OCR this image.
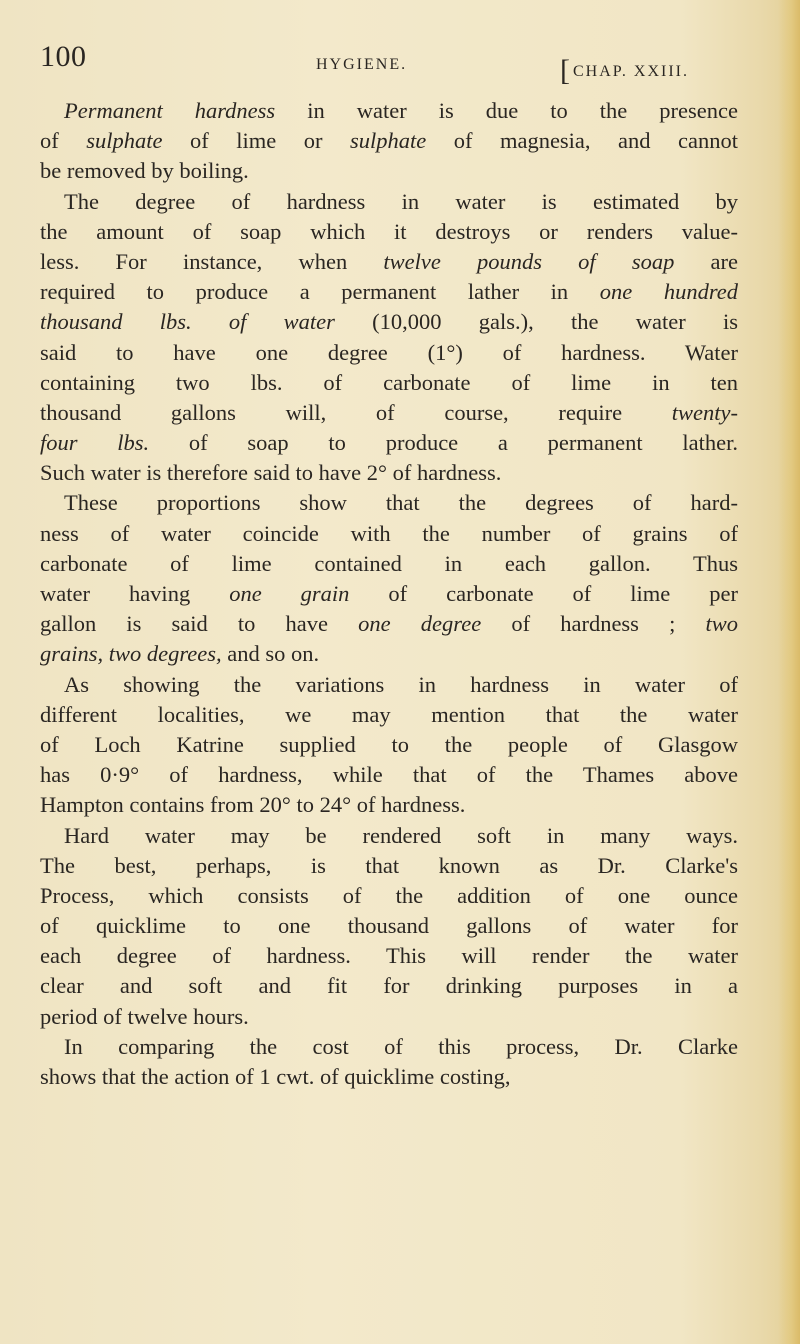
100	HYGIENE.	[CHAP. XXIII.
Permanent hardness in water is due to the presence
of sulphate of lime or sulphate of magnesia, and cannot
be removed by boiling.
The degree of hardness in water is estimated by
the amount of soap which it destroys or renders value-
less. For instance, when twelve pounds of soap are
required to produce a permanent lather in one hundred
thousand lbs. of water (10,000 gals.), the water is
said to have one degree (1°) of hardness. Water
containing two lbs. of carbonate of lime in ten
thousand gallons will, of course, require twenty-
four lbs. of soap to produce a permanent lather.
Such water is therefore said to have 2° of hardness.
These proportions show that the degrees of hard-
ness of water coincide with the number of grains of
carbonate of lime contained in each gallon. Thus
water having one grain of carbonate of lime per
gallon is said to have one degree of hardness ; two
grains, two degrees, and so on.
As showing the variations in hardness in water of
different localities, we may mention that the water
of Loch Katrine supplied to the people of Glasgow
has 0·9° of hardness, while that of the Thames above
Hampton contains from 20° to 24° of hardness.
Hard water may be rendered soft in many ways.
The best, perhaps, is that known as Dr. Clarke's
Process, which consists of the addition of one ounce
of quicklime to one thousand gallons of water for
each degree of hardness. This will render the water
clear and soft and fit for drinking purposes in a
period of twelve hours.
In comparing the cost of this process, Dr. Clarke
shows that the action of 1 cwt. of quicklime costing,
